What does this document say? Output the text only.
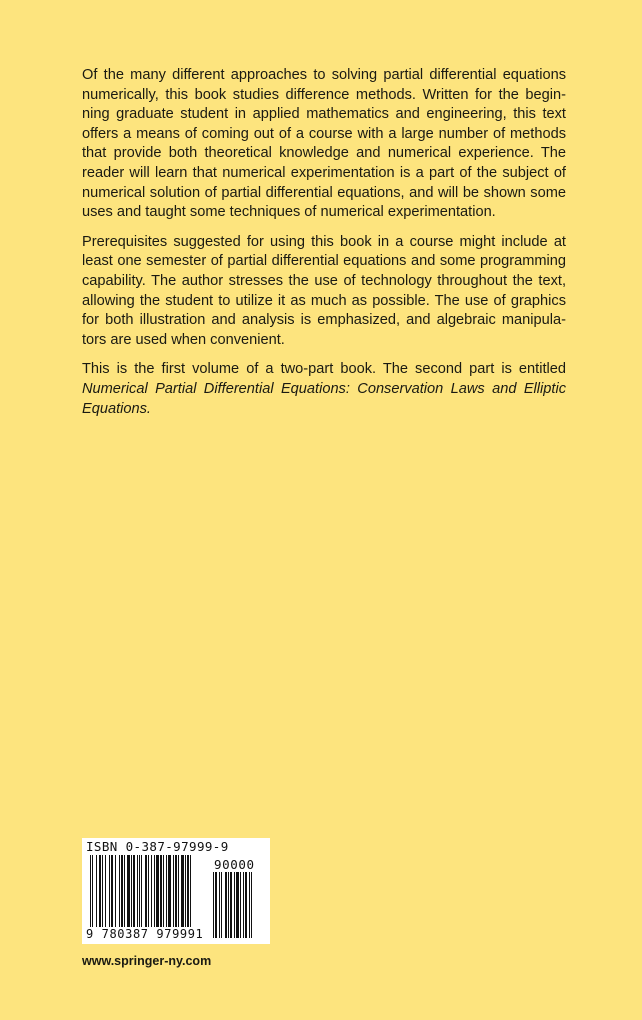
Of the many different approaches to solving partial differential equations numerically, this book studies difference methods. Written for the beginning graduate student in applied mathematics and engineering, this text offers a means of coming out of a course with a large number of methods that provide both theoretical knowledge and numerical experience. The reader will learn that numerical experimentation is a part of the subject of numerical solution of partial differential equations, and will be shown some uses and taught some techniques of numerical experimentation.

Prerequisites suggested for using this book in a course might include at least one semester of partial differential equations and some programming capability. The author stresses the use of technology throughout the text, allowing the student to utilize it as much as possible. The use of graphics for both illustration and analysis is emphasized, and algebraic manipulators are used when convenient.

This is the first volume of a two-part book. The second part is entitled Numerical Partial Differential Equations: Conservation Laws and Elliptic Equations.

ISBN 0-387-97999-9
90000
9 780387 979991
www.springer-ny.com
